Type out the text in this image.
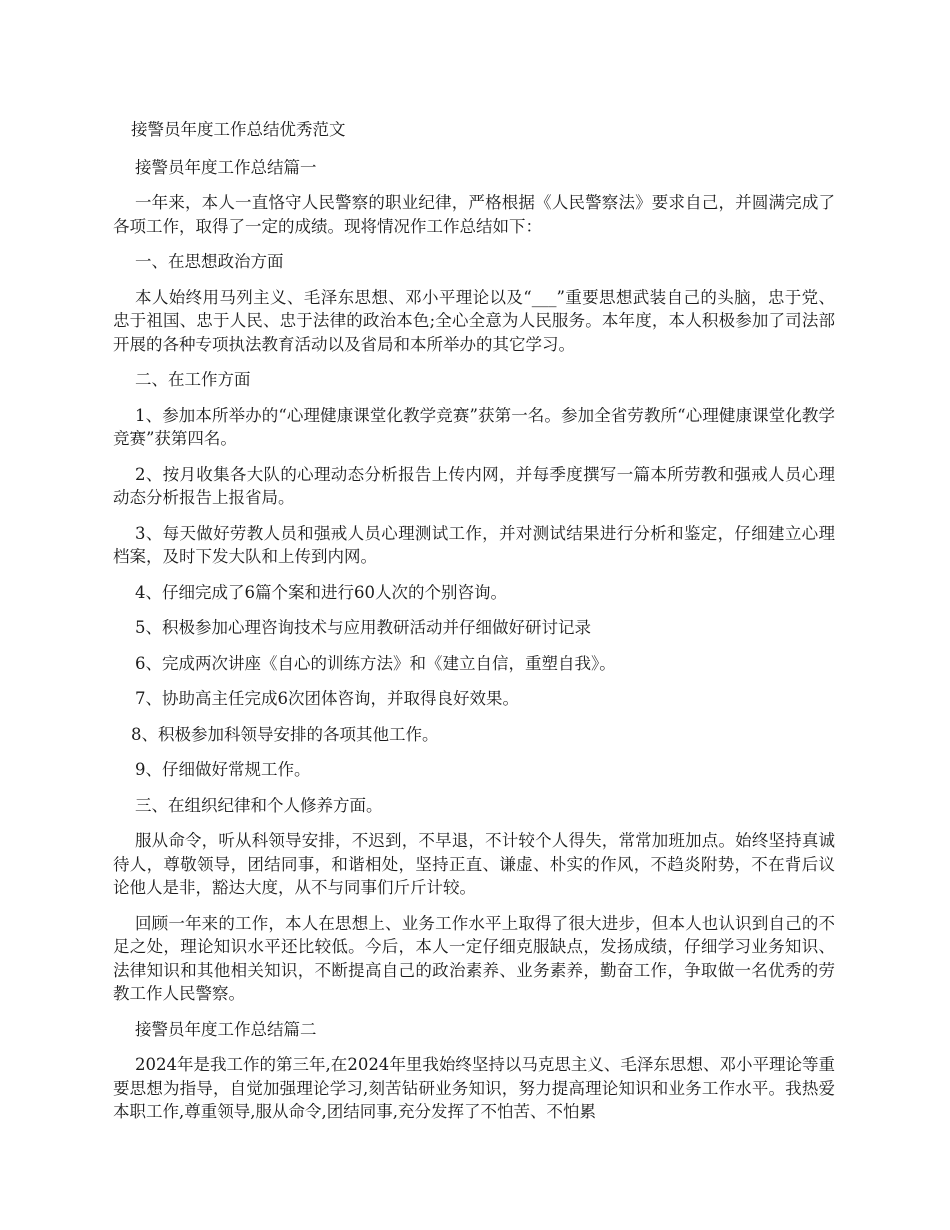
接警员年度工作总结优秀范文

接警员年度工作总结篇一

一年来，本人一直恪守人民警察的职业纪律，严格根据《人民警察法》要求自己，并圆满完成了各项工作，取得了一定的成绩。现将情况作工作总结如下：

一、在思想政治方面

本人始终用马列主义、毛泽东思想、邓小平理论以及“___”重要思想武装自己的头脑，忠于党、忠于祖国、忠于人民、忠于法律的政治本色;全心全意为人民服务。本年度，本人积极参加了司法部开展的各种专项执法教育活动以及省局和本所举办的其它学习。

二、在工作方面

1、参加本所举办的“心理健康课堂化教学竞赛”获第一名。参加全省劳教所“心理健康课堂化教学竞赛”获第四名。

2、按月收集各大队的心理动态分析报告上传内网，并每季度撰写一篇本所劳教和强戒人员心理动态分析报告上报省局。

3、每天做好劳教人员和强戒人员心理测试工作，并对测试结果进行分析和鉴定，仔细建立心理档案，及时下发大队和上传到内网。

4、仔细完成了6篇个案和进行60人次的个别咨询。

5、积极参加心理咨询技术与应用教研活动并仔细做好研讨记录

6、完成两次讲座《自心的训练方法》和《建立自信，重塑自我》。

7、协助高主任完成6次团体咨询，并取得良好效果。

8、积极参加科领导安排的各项其他工作。

9、仔细做好常规工作。

三、在组织纪律和个人修养方面。

服从命令，听从科领导安排，不迟到，不早退，不计较个人得失，常常加班加点。始终坚持真诚待人，尊敬领导，团结同事，和谐相处，坚持正直、谦虚、朴实的作风，不趋炎附势，不在背后议论他人是非，豁达大度，从不与同事们斤斤计较。

回顾一年来的工作，本人在思想上、业务工作水平上取得了很大进步，但本人也认识到自己的不足之处，理论知识水平还比较低。今后，本人一定仔细克服缺点，发扬成绩，仔细学习业务知识、法律知识和其他相关知识，不断提高自己的政治素养、业务素养，勤奋工作，争取做一名优秀的劳教工作人民警察。

接警员年度工作总结篇二

2024年是我工作的第三年,在2024年里我始终坚持以马克思主义、毛泽东思想、邓小平理论等重要思想为指导，自觉加强理论学习,刻苦钻研业务知识，努力提高理论知识和业务工作水平。我热爱本职工作,尊重领导,服从命令,团结同事,充分发挥了不怕苦、不怕累
